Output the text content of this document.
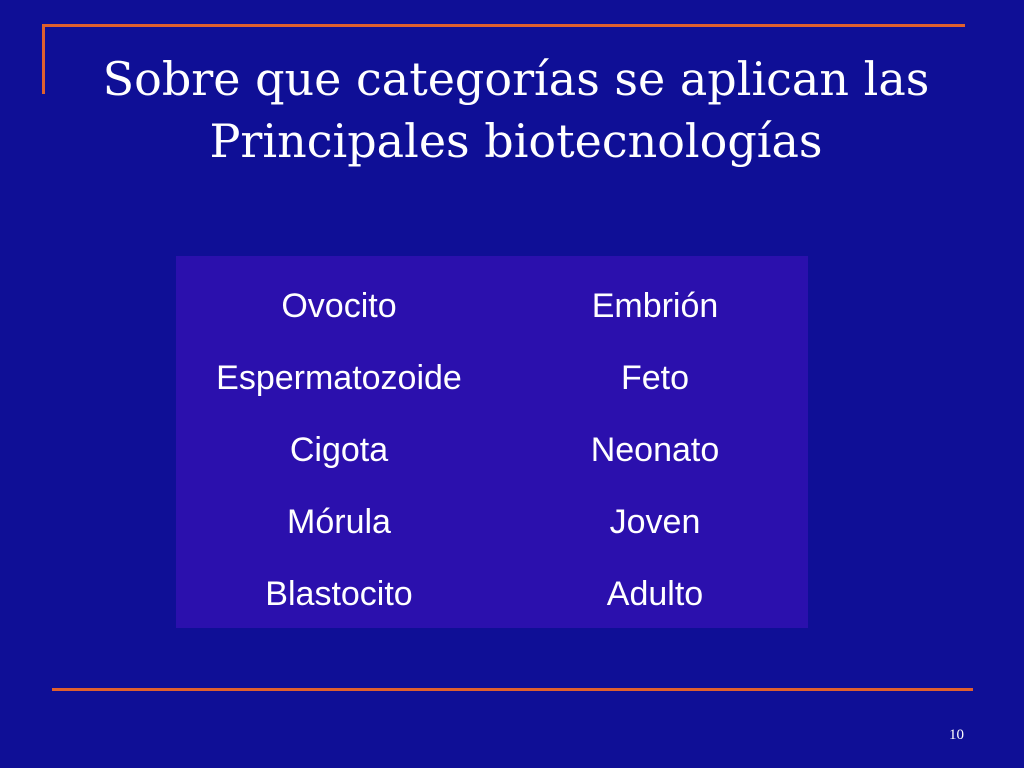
Sobre que categorías se aplican las
Principales biotecnologías
Ovocito	Embrión
Espermatozoide	Feto
Cigota	Neonato
Mórula	Joven
Blastocito	Adulto
10
